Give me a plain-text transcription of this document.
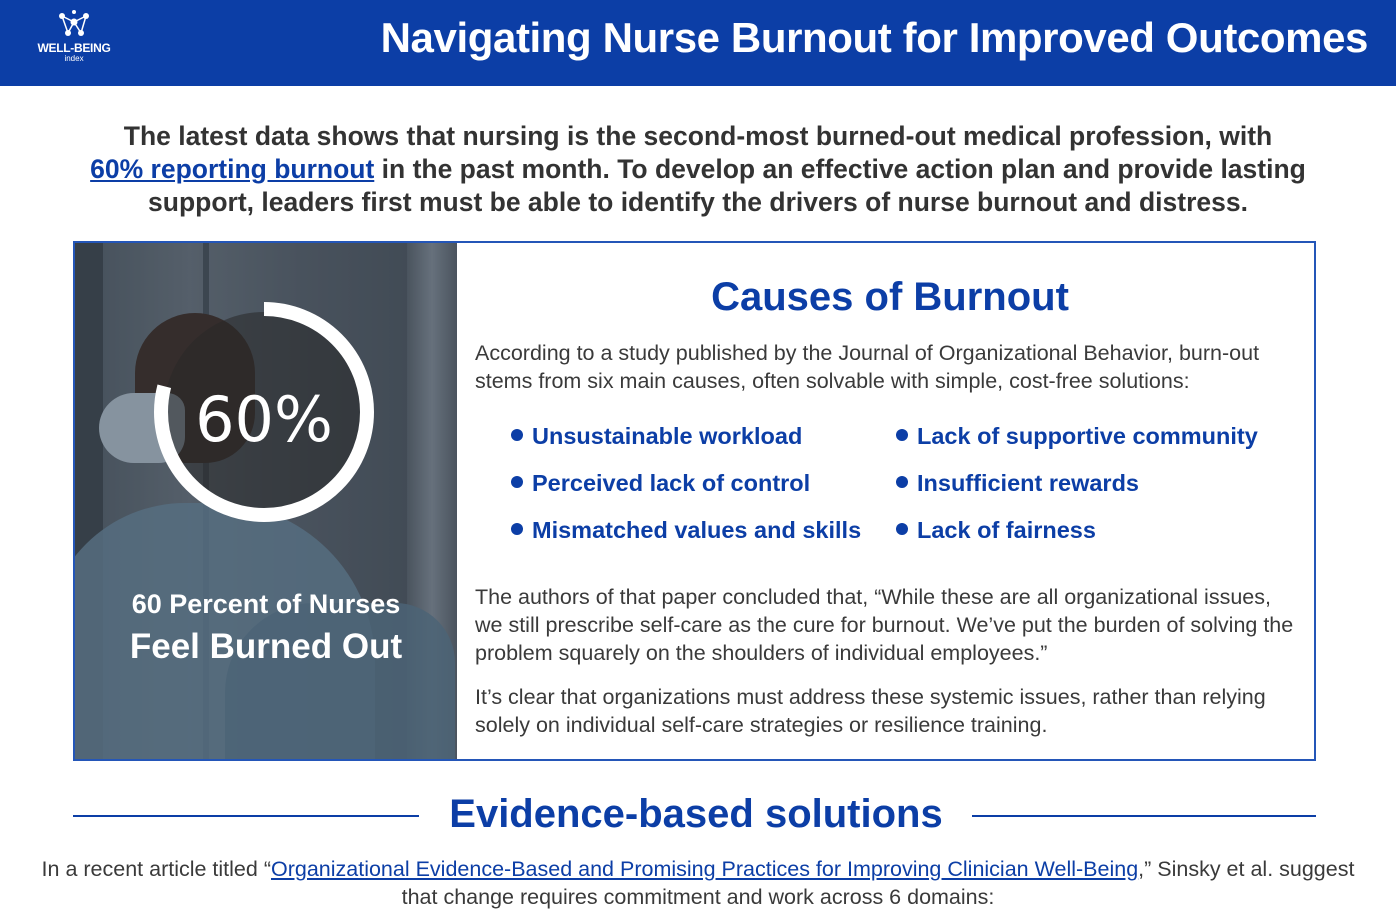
WELL-BEING
index	Navigating Nurse Burnout for Improved Outcomes
The latest data shows that nursing is the second-most burned-out medical profession, with
60% reporting burnout in the past month. To develop an effective action plan and provide lasting support, leaders first must be able to identify the drivers of nurse burnout and distress.
60%
60 Percent of Nurses
Feel Burned Out
Causes of Burnout
According to a study published by the Journal of Organizational Behavior, burn-out stems from six main causes, often solvable with simple, cost-free solutions:
Unsustainable workload
Perceived lack of control
Mismatched values and skills
Lack of supportive community
Insufficient rewards
Lack of fairness
The authors of that paper concluded that, “While these are all organizational issues, we still prescribe self-care as the cure for burnout. We’ve put the burden of solving the problem squarely on the shoulders of individual employees.”
It’s clear that organizations must address these systemic issues, rather than relying solely on individual self-care strategies or resilience training.
Evidence-based solutions
In a recent article titled “Organizational Evidence-Based and Promising Practices for Improving Clinician Well-Being,” Sinsky et al. suggest that change requires commitment and work across 6 domains:
